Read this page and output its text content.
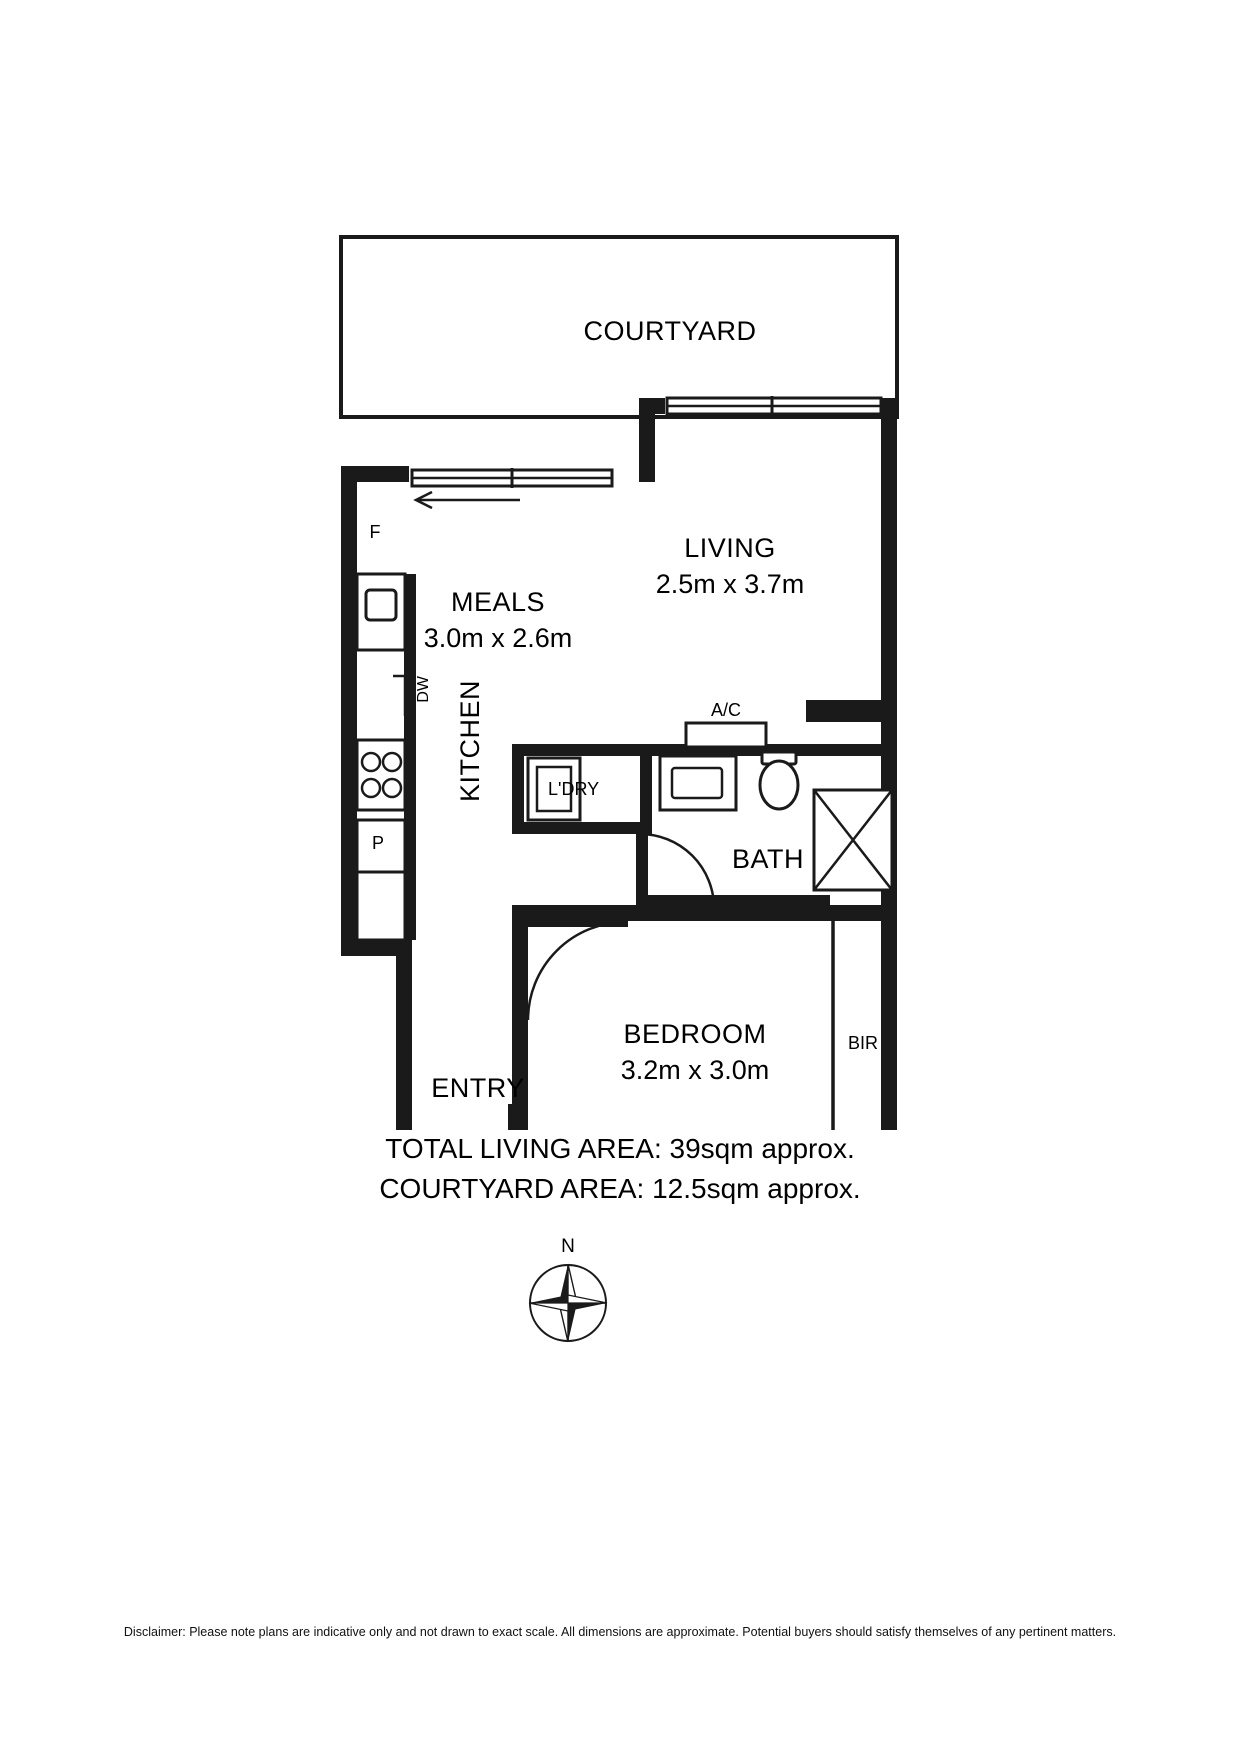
COURTYARD
LIVING
2.5m x 3.7m
MEALS
3.0m x 2.6m
KITCHEN	L'DRY
BATH
BEDROOM
3.2m x 3.0m
ENTRY
F
DW
P
A/C
BIR
TOTAL LIVING AREA: 39sqm approx.
COURTYARD AREA: 12.5sqm approx.
N
Disclaimer: Please note plans are indicative only and not drawn to exact scale. All dimensions are approximate. Potential buyers should satisfy themselves of any pertinent matters.
